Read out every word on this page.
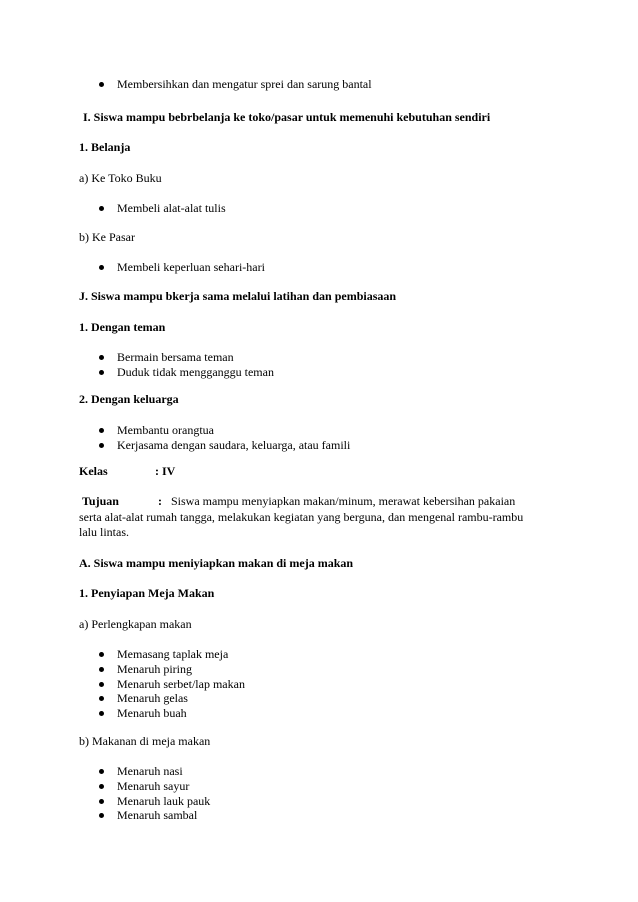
Membersihkan dan mengatur sprei dan sarung bantal
I. Siswa mampu bebrbelanja ke toko/pasar untuk memenuhi kebutuhan sendiri
1. Belanja
a) Ke Toko Buku
Membeli alat-alat tulis
b) Ke Pasar
Membeli keperluan sehari-hari
J. Siswa mampu bkerja sama melalui latihan dan pembiasaan
1. Dengan teman
Bermain bersama teman
Duduk tidak mengganggu teman
2. Dengan keluarga
Membantu orangtua
Kerjasama dengan saudara, keluarga, atau famili
Kelas	: IV
Tujuan	: Siswa mampu menyiapkan makan/minum, merawat kebersihan pakaian
serta alat-alat rumah tangga, melakukan kegiatan yang berguna, dan mengenal rambu-rambu
lalu lintas.
A. Siswa mampu meniyiapkan makan di meja makan
1. Penyiapan Meja Makan
a) Perlengkapan makan
Memasang taplak meja
Menaruh piring
Menaruh serbet/lap makan
Menaruh gelas
Menaruh buah
b) Makanan di meja makan
Menaruh nasi
Menaruh sayur
Menaruh lauk pauk
Menaruh sambal
